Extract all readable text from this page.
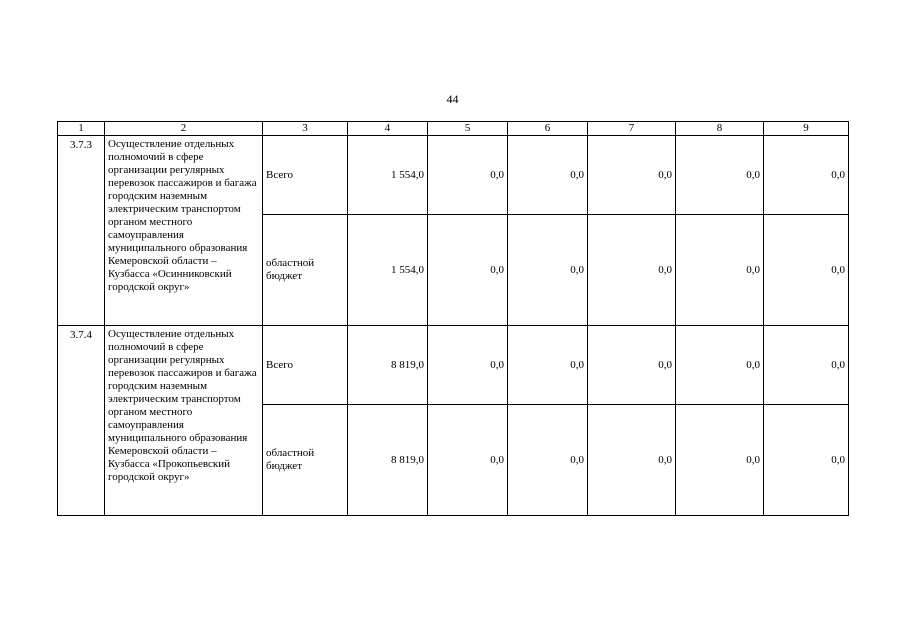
44
1	2	3	4	5	6	7	8	9
3.7.3	Осуществление отдельных полномочий в сфере организации регулярных перевозок пассажиров и багажа городским наземным электрическим транспортом органом местного самоуправления муниципального образования Кемеровской области – Кузбасса «Осинниковский городской округ»	Всего	1 554,0	0,0	0,0	0,0	0,0	0,0
		областной бюджет	1 554,0	0,0	0,0	0,0	0,0	0,0
3.7.4	Осуществление отдельных полномочий в сфере организации регулярных перевозок пассажиров и багажа городским наземным электрическим транспортом органом местного самоуправления муниципального образования Кемеровской области – Кузбасса «Прокопьевский городской округ»	Всего	8 819,0	0,0	0,0	0,0	0,0	0,0
		областной бюджет	8 819,0	0,0	0,0	0,0	0,0	0,0
